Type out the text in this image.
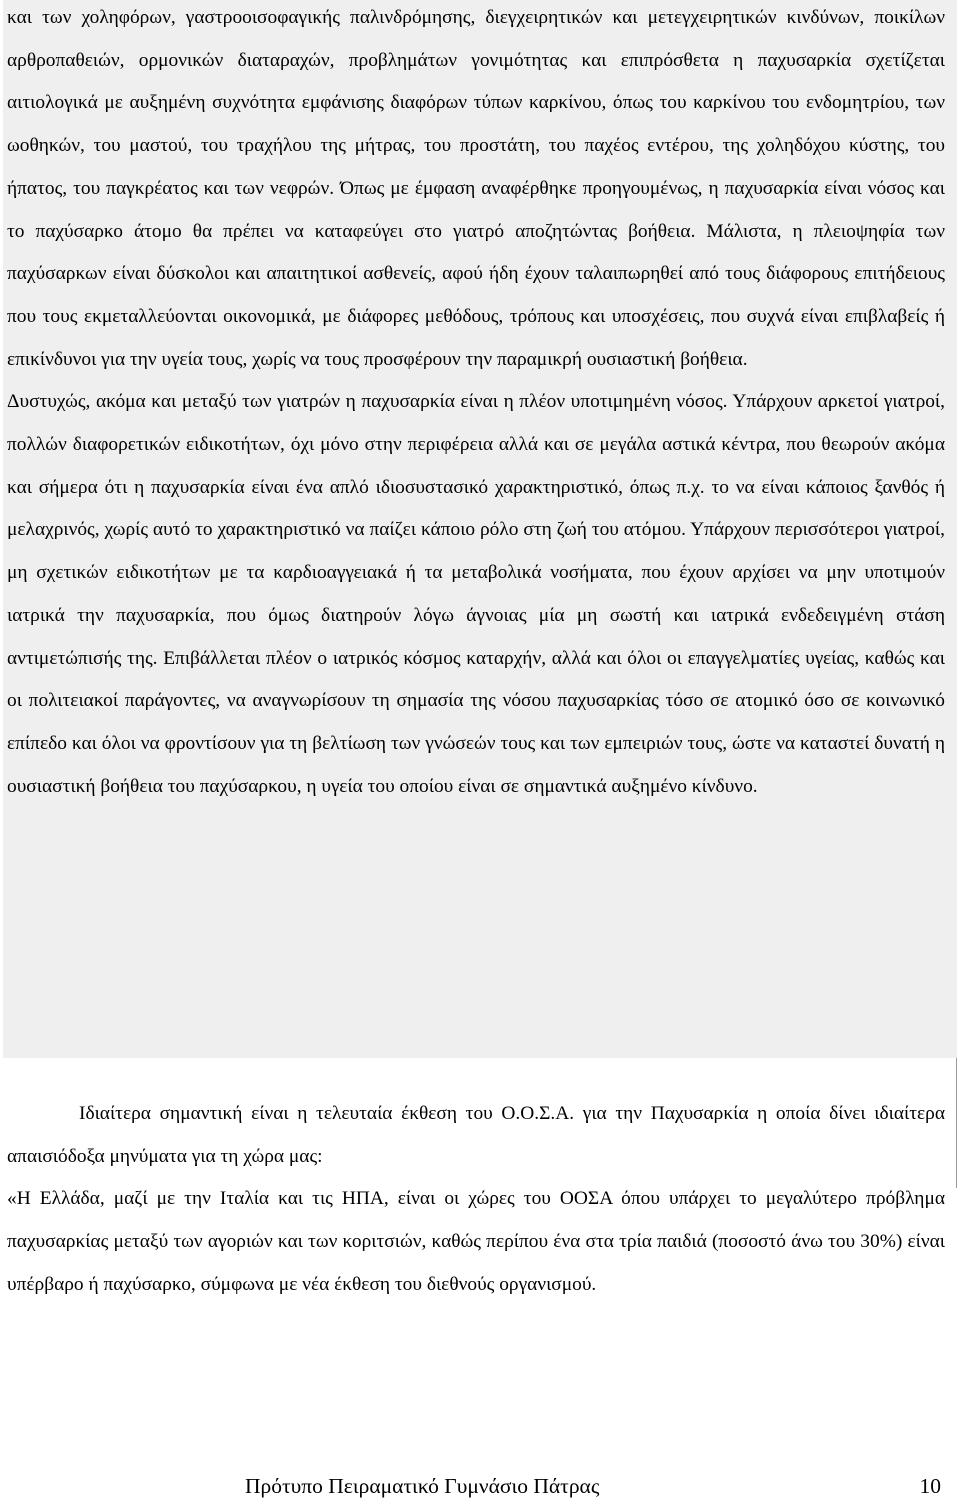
και των χοληφόρων, γαστροοισοφαγικής παλινδρόμησης, διεγχειρητικών και μετεγχειρητικών κινδύνων, ποικίλων αρθροπαθειών, ορμονικών διαταραχών, προβλημάτων γονιμότητας και επιπρόσθετα η παχυσαρκία σχετίζεται αιτιολογικά με αυξημένη συχνότητα εμφάνισης διαφόρων τύπων καρκίνου, όπως του καρκίνου του ενδομητρίου, των ωοθηκών, του μαστού, του τραχήλου της μήτρας, του προστάτη, του παχέος εντέρου, της χοληδόχου κύστης, του ήπατος, του παγκρέατος και των νεφρών. Όπως με έμφαση αναφέρθηκε προηγουμένως, η παχυσαρκία είναι νόσος και το παχύσαρκο άτομο θα πρέπει να καταφεύγει στο γιατρό αποζητώντας βοήθεια. Μάλιστα, η πλειοψηφία των παχύσαρκων είναι δύσκολοι και απαιτητικοί ασθενείς, αφού ήδη έχουν ταλαιπωρηθεί από τους διάφορους επιτήδειους που τους εκμεταλλεύονται οικονομικά, με διάφορες μεθόδους, τρόπους και υποσχέσεις, που συχνά είναι επιβλαβείς ή επικίνδυνοι για την υγεία τους, χωρίς να τους προσφέρουν την παραμικρή ουσιαστική βοήθεια.

Δυστυχώς, ακόμα και μεταξύ των γιατρών η παχυσαρκία είναι η πλέον υποτιμημένη νόσος. Υπάρχουν αρκετοί γιατροί, πολλών διαφορετικών ειδικοτήτων, όχι μόνο στην περιφέρεια αλλά και σε μεγάλα αστικά κέντρα, που θεωρούν ακόμα και σήμερα ότι η παχυσαρκία είναι ένα απλό ιδιοσυστασικό χαρακτηριστικό, όπως π.χ. το να είναι κάποιος ξανθός ή μελαχρινός, χωρίς αυτό το χαρακτηριστικό να παίζει κάποιο ρόλο στη ζωή του ατόμου. Υπάρχουν περισσότεροι γιατροί, μη σχετικών ειδικοτήτων με τα καρδιοαγγειακά ή τα μεταβολικά νοσήματα, που έχουν αρχίσει να μην υποτιμούν ιατρικά την παχυσαρκία, που όμως διατηρούν λόγω άγνοιας μία μη σωστή και ιατρικά ενδεδειγμένη στάση αντιμετώπισής της. Επιβάλλεται πλέον ο ιατρικός κόσμος καταρχήν, αλλά και όλοι οι επαγγελματίες υγείας, καθώς και οι πολιτειακοί παράγοντες, να αναγνωρίσουν τη σημασία της νόσου παχυσαρκίας τόσο σε ατομικό όσο σε κοινωνικό επίπεδο και όλοι να φροντίσουν για τη βελτίωση των γνώσεών τους και των εμπειριών τους, ώστε να καταστεί δυνατή η ουσιαστική βοήθεια του παχύσαρκου, η υγεία του οποίου είναι σε σημαντικά αυξημένο κίνδυνο.

Ιδιαίτερα σημαντική είναι η τελευταία έκθεση του Ο.Ο.Σ.Α. για την Παχυσαρκία η οποία δίνει ιδιαίτερα απαισιόδοξα μηνύματα για τη χώρα μας:

«Η Ελλάδα, μαζί με την Ιταλία και τις ΗΠΑ, είναι οι χώρες του ΟΟΣΑ όπου υπάρχει το μεγαλύτερο πρόβλημα παχυσαρκίας μεταξύ των αγοριών και των κοριτσιών, καθώς περίπου ένα στα τρία παιδιά (ποσοστό άνω του 30%) είναι υπέρβαρο ή παχύσαρκο, σύμφωνα με νέα έκθεση του διεθνούς οργανισμού.

Πρότυπο Πειραματικό Γυμνάσιο Πάτρας	10
